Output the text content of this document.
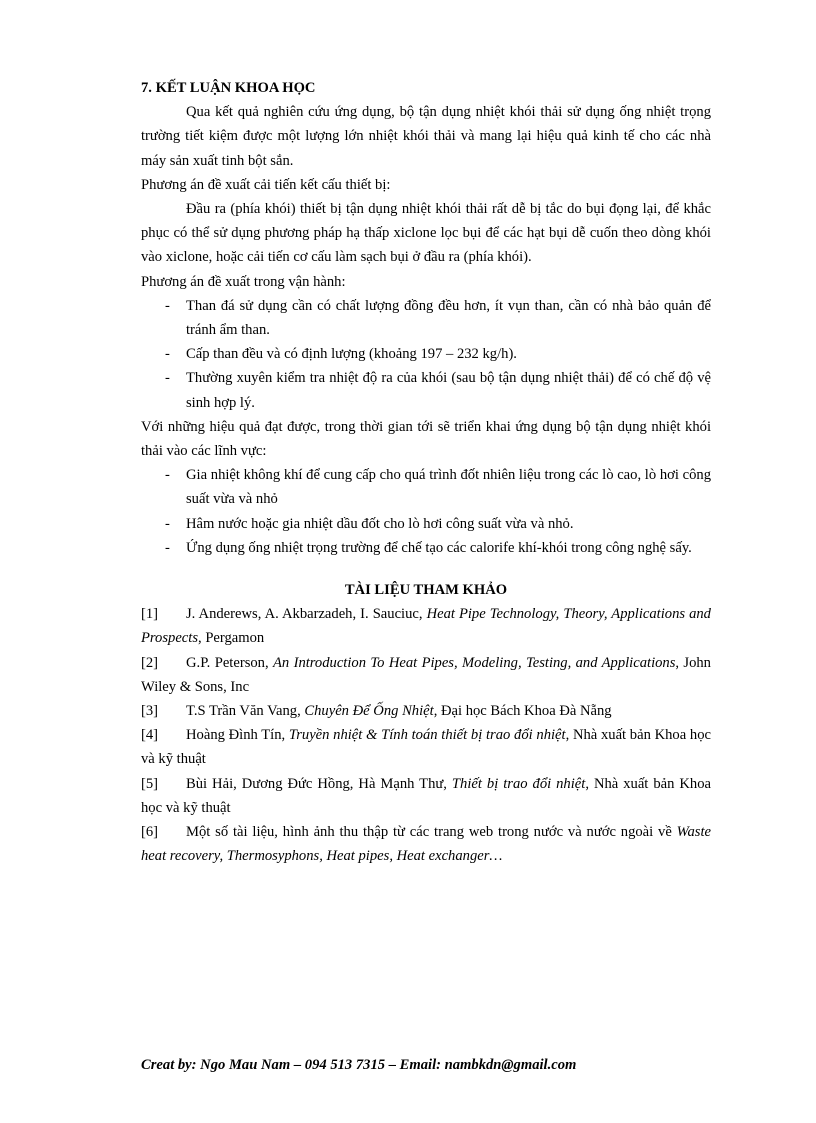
7. KẾT LUẬN KHOA HỌC

Qua kết quả nghiên cứu ứng dụng, bộ tận dụng nhiệt khói thải sử dụng ống nhiệt trọng trường tiết kiệm được một lượng lớn nhiệt khói thải và mang lại hiệu quả kinh tế cho các nhà máy sản xuất tinh bột sắn.

Phương án đề xuất cải tiến kết cấu thiết bị:

Đầu ra (phía khói) thiết bị tận dụng nhiệt khói thải rất dễ bị tắc do bụi đọng lại, để khắc phục có thể sử dụng phương pháp hạ thấp xiclone lọc bụi để các hạt bụi dễ cuốn theo dòng khói vào xiclone, hoặc cải tiến cơ cấu làm sạch bụi ở đầu ra (phía khói).

Phương án đề xuất trong vận hành:

- Than đá sử dụng cần có chất lượng đồng đều hơn, ít vụn than, cần có nhà bảo quản để tránh ẩm than.
- Cấp than đều và có định lượng (khoảng 197 – 232 kg/h).
- Thường xuyên kiểm tra nhiệt độ ra của khói (sau bộ tận dụng nhiệt thải) để có chế độ vệ sinh hợp lý.

Với những hiệu quả đạt được, trong thời gian tới sẽ triển khai ứng dụng bộ tận dụng nhiệt khói thải vào các lĩnh vực:

- Gia nhiệt không khí để cung cấp cho quá trình đốt nhiên liệu trong các lò cao, lò hơi công suất vừa và nhỏ
- Hâm nước hoặc gia nhiệt dầu đốt cho lò hơi công suất vừa và nhỏ.
- Ứng dụng ống nhiệt trọng trường để chế tạo các calorife khí-khói trong công nghệ sấy.

TÀI LIỆU THAM KHẢO

[1] J. Anderews, A. Akbarzadeh, I. Sauciuc, Heat Pipe Technology, Theory, Applications and Prospects, Pergamon

[2] G.P. Peterson, An Introduction To Heat Pipes, Modeling, Testing, and Applications, John Wiley & Sons, Inc

[3] T.S Trần Văn Vang, Chuyên Để Ống Nhiệt, Đại học Bách Khoa Đà Nẵng

[4] Hoàng Đình Tín, Truyền nhiệt & Tính toán thiết bị trao đổi nhiệt, Nhà xuất bản Khoa học và kỹ thuật

[5] Bùi Hải, Dương Đức Hồng, Hà Mạnh Thư, Thiết bị trao đổi nhiệt, Nhà xuất bản Khoa học và kỹ thuật

[6] Một số tài liệu, hình ảnh thu thập từ các trang web trong nước và nước ngoài về Waste heat recovery, Thermosyphons, Heat pipes, Heat exchanger…

Creat by: Ngo Mau Nam – 094 513 7315 – Email: nambkdn@gmail.com
